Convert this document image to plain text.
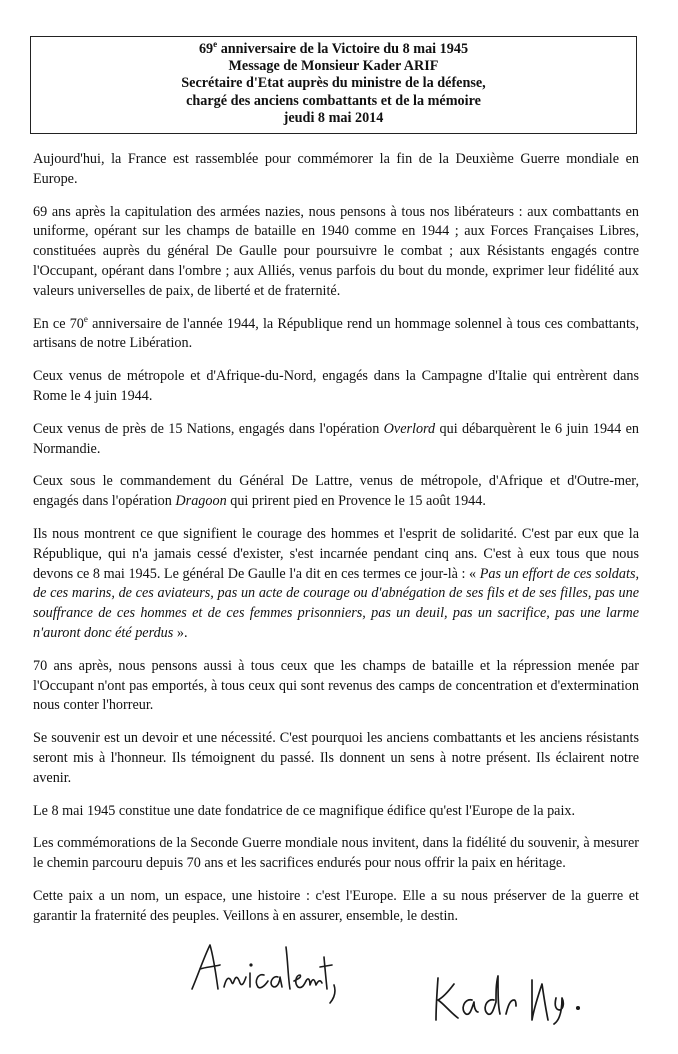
69e anniversaire de la Victoire du 8 mai 1945
Message de Monsieur Kader ARIF
Secrétaire d'Etat auprès du ministre de la défense,
chargé des anciens combattants et de la mémoire
jeudi 8 mai 2014

Aujourd'hui, la France est rassemblée pour commémorer la fin de la Deuxième Guerre mondiale en Europe.

69 ans après la capitulation des armées nazies, nous pensons à tous nos libérateurs : aux combattants en uniforme, opérant sur les champs de bataille en 1940 comme en 1944 ; aux Forces Françaises Libres, constituées auprès du général De Gaulle pour poursuivre le combat ; aux Résistants engagés contre l'Occupant, opérant dans l'ombre ; aux Alliés, venus parfois du bout du monde, exprimer leur fidélité aux valeurs universelles de paix, de liberté et de fraternité.

En ce 70e anniversaire de l'année 1944, la République rend un hommage solennel à tous ces combattants, artisans de notre Libération.

Ceux venus de métropole et d'Afrique-du-Nord, engagés dans la Campagne d'Italie qui entrèrent dans Rome le 4 juin 1944.

Ceux venus de près de 15 Nations, engagés dans l'opération Overlord qui débarquèrent le 6 juin 1944 en Normandie.

Ceux sous le commandement du Général De Lattre, venus de métropole, d'Afrique et d'Outre-mer, engagés dans l'opération Dragoon qui prirent pied en Provence le 15 août 1944.

Ils nous montrent ce que signifient le courage des hommes et l'esprit de solidarité. C'est par eux que la République, qui n'a jamais cessé d'exister, s'est incarnée pendant cinq ans. C'est à eux tous que nous devons ce 8 mai 1945. Le général De Gaulle l'a dit en ces termes ce jour-là : « Pas un effort de ces soldats, de ces marins, de ces aviateurs, pas un acte de courage ou d'abnégation de ses fils et de ses filles, pas une souffrance de ces hommes et de ces femmes prisonniers, pas un deuil, pas un sacrifice, pas une larme n'auront donc été perdus ».

70 ans après, nous pensons aussi à tous ceux que les champs de bataille et la répression menée par l'Occupant n'ont pas emportés, à tous ceux qui sont revenus des camps de concentration et d'extermination nous conter l'horreur.

Se souvenir est un devoir et une nécessité. C'est pourquoi les anciens combattants et les anciens résistants seront mis à l'honneur. Ils témoignent du passé. Ils donnent un sens à notre présent. Ils éclairent notre avenir.

Le 8 mai 1945 constitue une date fondatrice de ce magnifique édifice qu'est l'Europe de la paix.

Les commémorations de la Seconde Guerre mondiale nous invitent, dans la fidélité du souvenir, à mesurer le chemin parcouru depuis 70 ans et les sacrifices endurés pour nous offrir la paix en héritage.

Cette paix a un nom, un espace, une histoire : c'est l'Europe. Elle a su nous préserver de la guerre et garantir la fraternité des peuples. Veillons à en assurer, ensemble, le destin.
